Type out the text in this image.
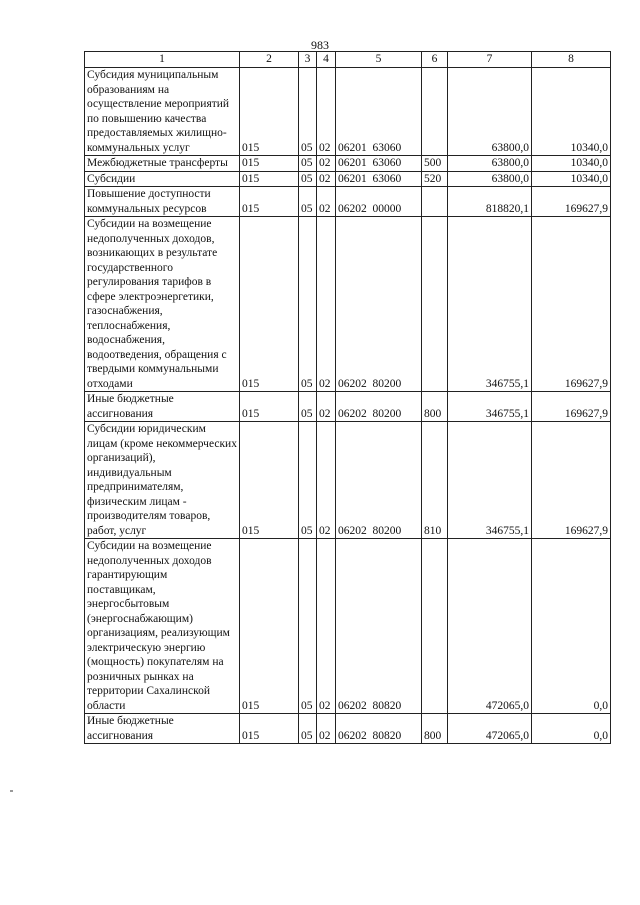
983
1	2	3	4	5	6	7	8
Субсидия муниципальным образованиям на осуществление мероприятий по повышению качества предоставляемых жилищно-коммунальных услуг	015	05	02	06201  63060		63800,0	10340,0
Межбюджетные трансферты	015	05	02	06201  63060	500	63800,0	10340,0
Субсидии	015	05	02	06201  63060	520	63800,0	10340,0
Повышение доступности коммунальных ресурсов	015	05	02	06202  00000		818820,1	169627,9
Субсидии на возмещение недополученных доходов, возникающих в результате государственного регулирования тарифов в сфере электроэнергетики, газоснабжения, теплоснабжения, водоснабжения, водоотведения, обращения с твердыми коммунальными отходами	015	05	02	06202  80200		346755,1	169627,9
Иные бюджетные ассигнования	015	05	02	06202  80200	800	346755,1	169627,9
Субсидии юридическим лицам (кроме некоммерческих организаций), индивидуальным предпринимателям, физическим лицам - производителям товаров, работ, услуг	015	05	02	06202  80200	810	346755,1	169627,9
Субсидии на возмещение недополученных доходов гарантирующим поставщикам, энергосбытовым (энергоснабжающим) организациям, реализующим электрическую энергию (мощность) покупателям на розничных рынках на территории Сахалинской области	015	05	02	06202  80820		472065,0	0,0
Иные бюджетные ассигнования	015	05	02	06202  80820	800	472065,0	0,0
